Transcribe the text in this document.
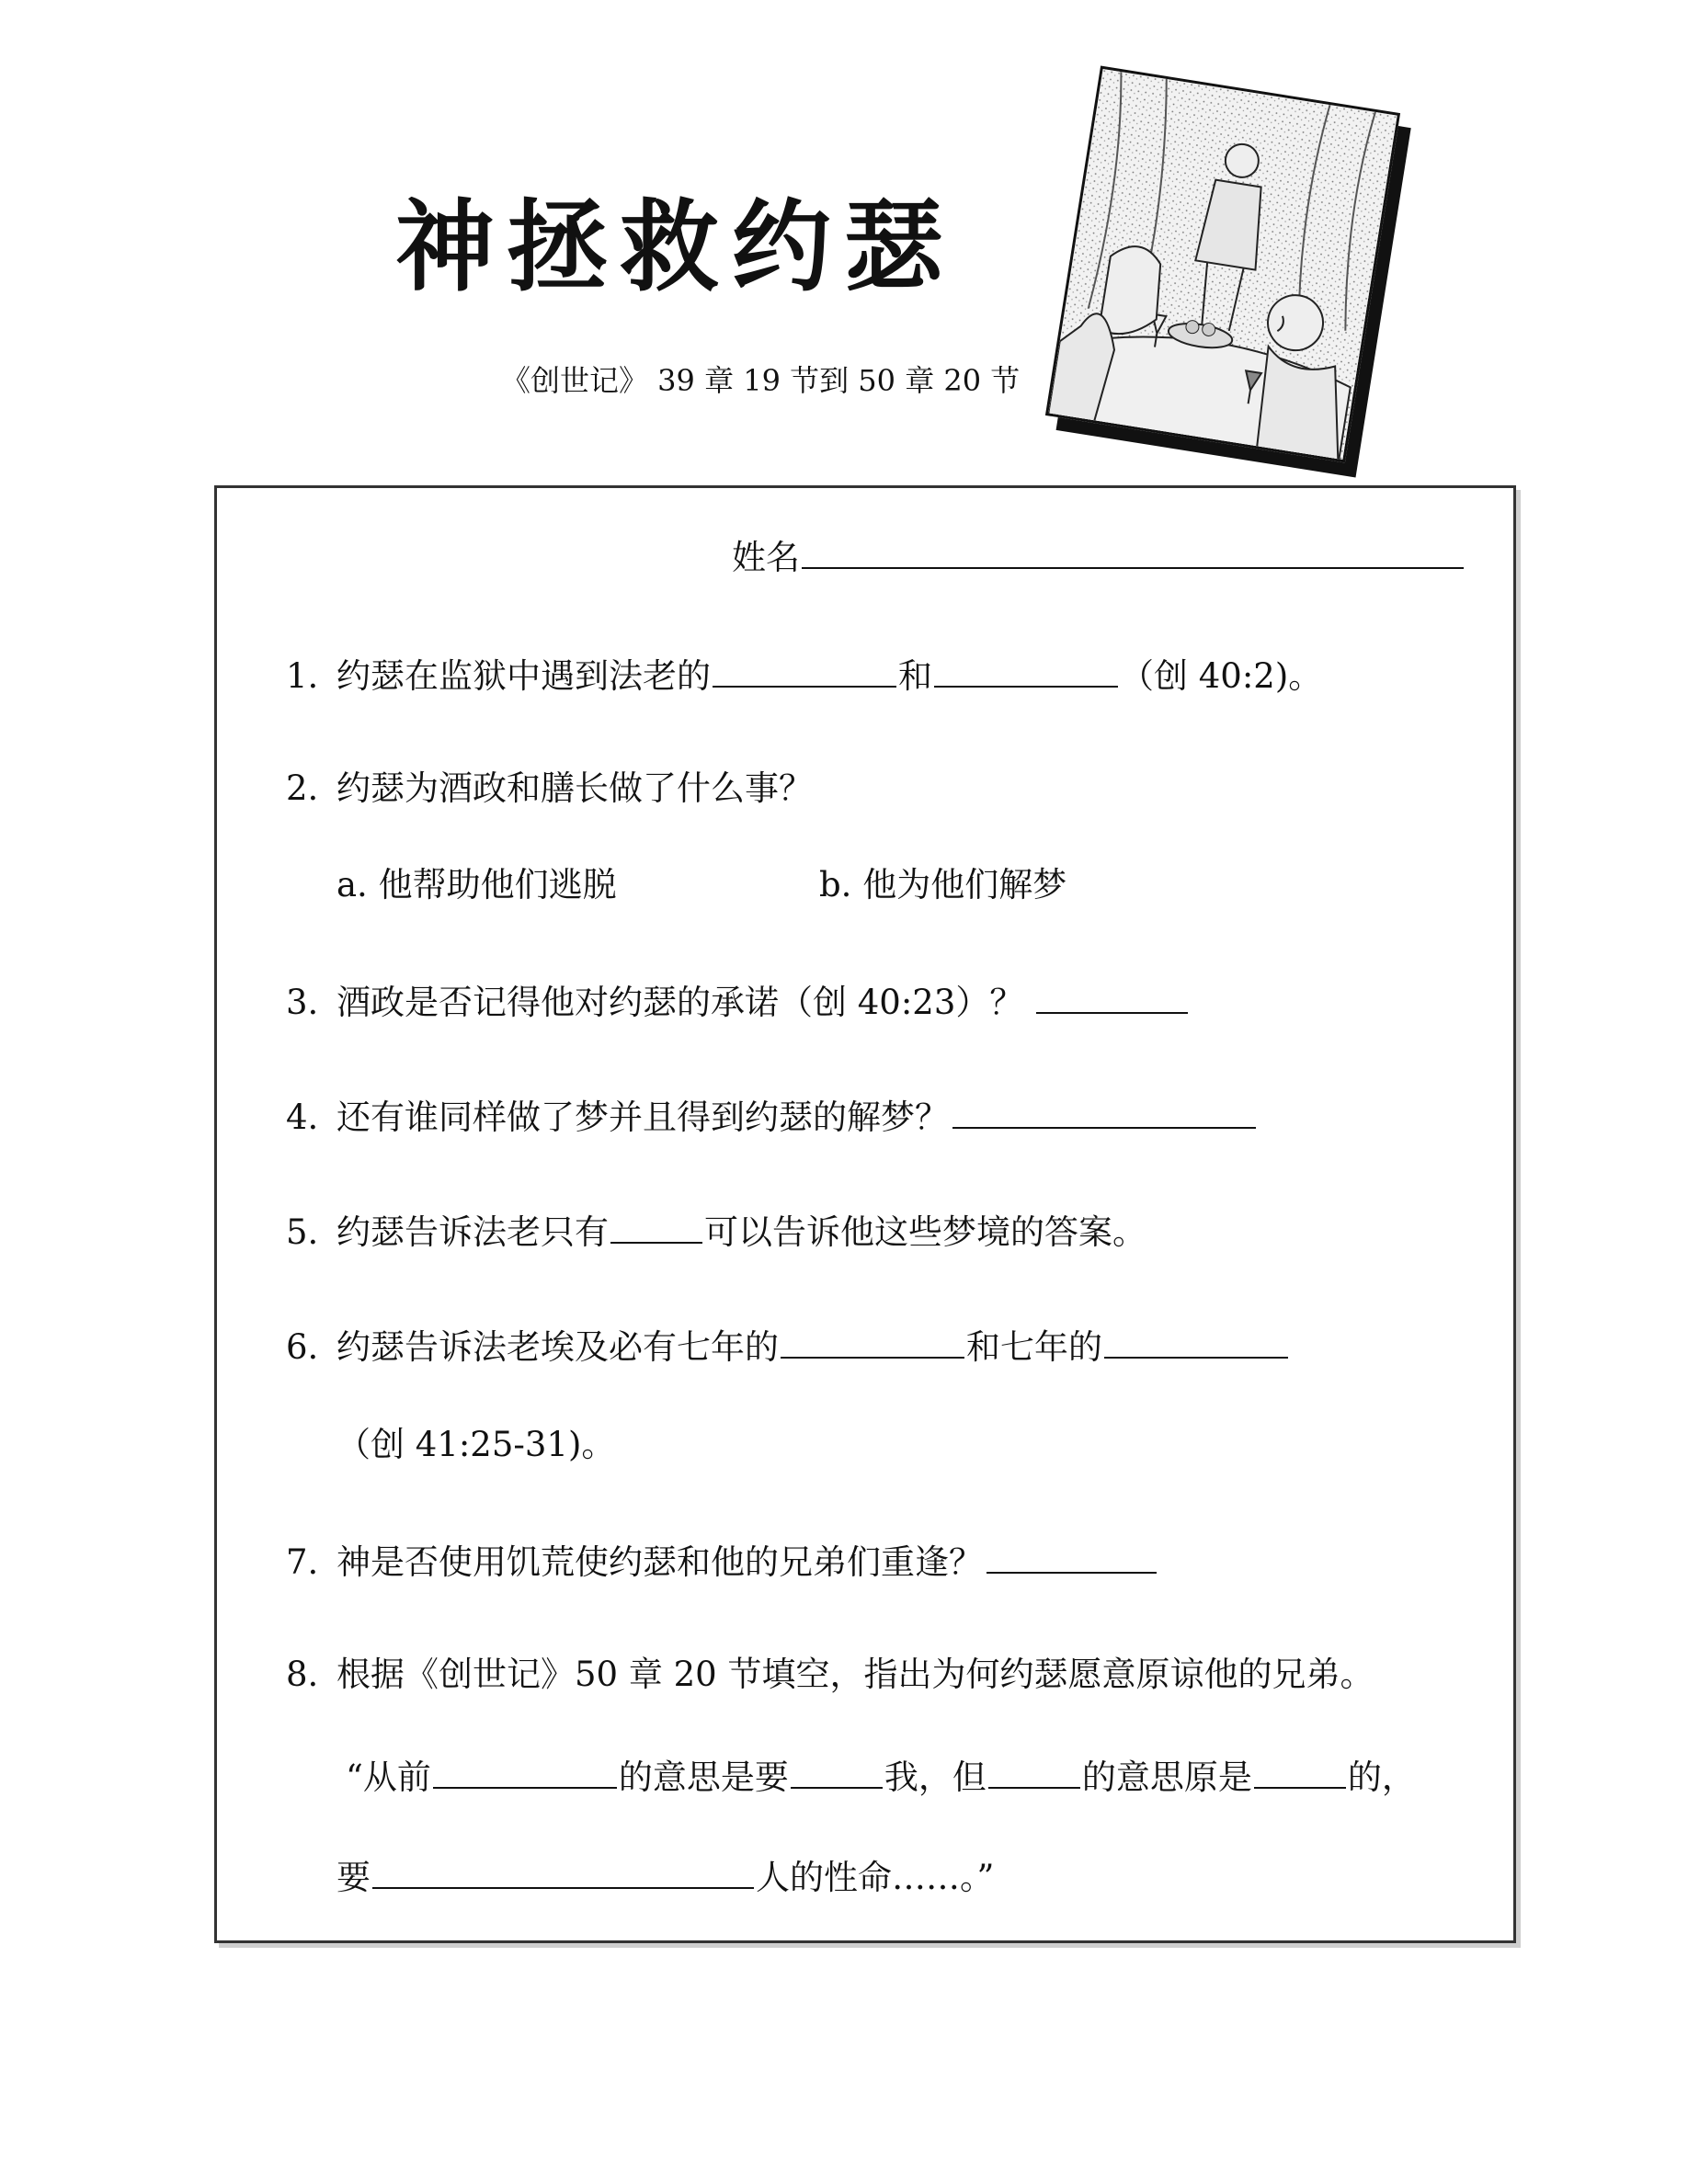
神拯救约瑟
《创世记》 39 章 19 节到 50 章 20 节
姓名
1. 约瑟在监狱中遇到法老的	和	（创 40:2)。
2. 约瑟为酒政和膳长做了什么事？
a. 他帮助他们逃脱	b. 他为他们解梦
3. 酒政是否记得他对约瑟的承诺（创 40:23）？
4. 还有谁同样做了梦并且得到约瑟的解梦？
5. 约瑟告诉法老只有	可以告诉他这些梦境的答案。
6. 约瑟告诉法老埃及必有七年的	和七年的
（创 41:25-31)。
7. 神是否使用饥荒使约瑟和他的兄弟们重逢？
8. 根据《创世记》50 章 20 节填空，指出为何约瑟愿意原谅他的兄弟。
“从前	的意思是要	我，但	的意思原是	的，
要	人的性命……。”
